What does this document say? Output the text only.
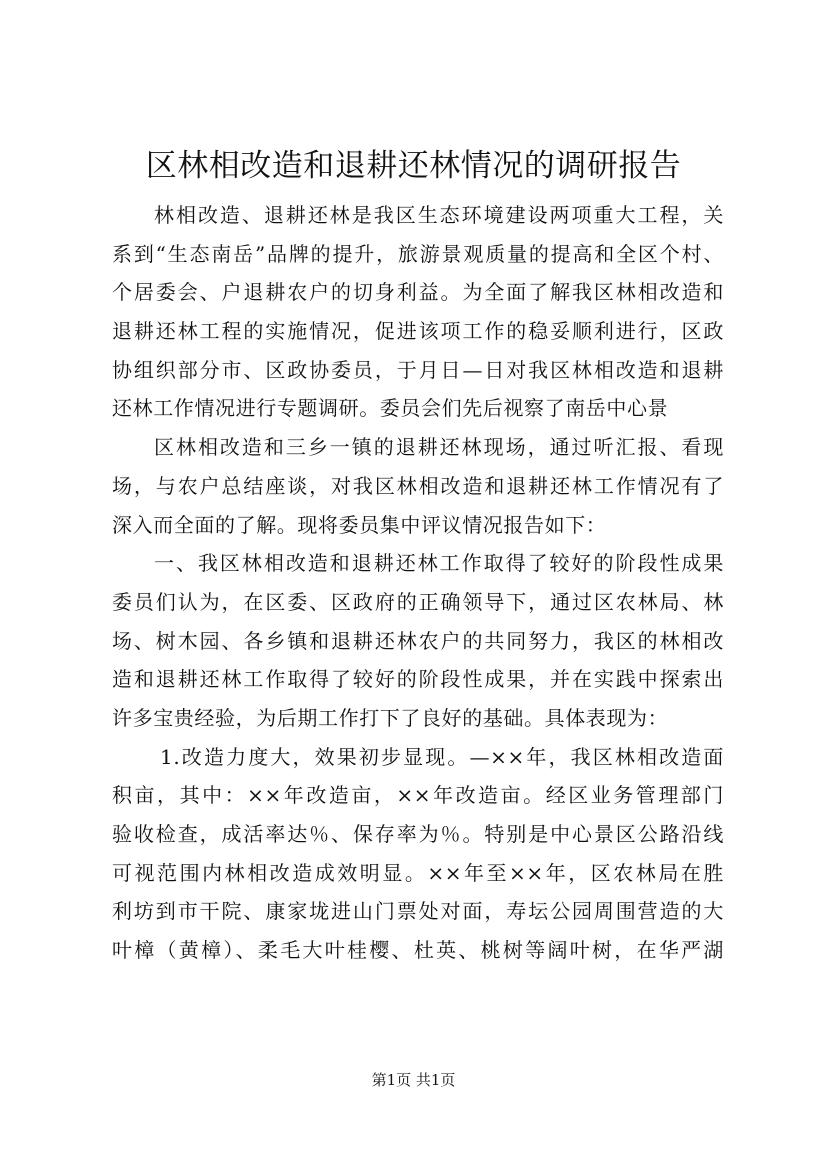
区林相改造和退耕还林情况的调研报告
林相改造、退耕还林是我区生态环境建设两项重大工程，关
系到“生态南岳”品牌的提升，旅游景观质量的提高和全区个村、
个居委会、户退耕农户的切身利益。为全面了解我区林相改造和
退耕还林工程的实施情况，促进该项工作的稳妥顺利进行，区政
协组织部分市、区政协委员，于月日—日对我区林相改造和退耕
还林工作情况进行专题调研。委员会们先后视察了南岳中心景
区林相改造和三乡一镇的退耕还林现场，通过听汇报、看现
场，与农户总结座谈，对我区林相改造和退耕还林工作情况有了
深入而全面的了解。现将委员集中评议情况报告如下：
一、我区林相改造和退耕还林工作取得了较好的阶段性成果
委员们认为，在区委、区政府的正确领导下，通过区农林局、林
场、树木园、各乡镇和退耕还林农户的共同努力，我区的林相改
造和退耕还林工作取得了较好的阶段性成果，并在实践中探索出
许多宝贵经验，为后期工作打下了良好的基础。具体表现为：
1.改造力度大，效果初步显现。—××年，我区林相改造面
积亩，其中：××年改造亩，××年改造亩。经区业务管理部门
验收检查，成活率达％、保存率为％。特别是中心景区公路沿线
可视范围内林相改造成效明显。××年至××年，区农林局在胜
利坊到市干院、康家垅进山门票处对面，寿坛公园周围营造的大
叶樟（黄樟）、柔毛大叶桂樱、杜英、桃树等阔叶树，在华严湖
第1页 共1页
